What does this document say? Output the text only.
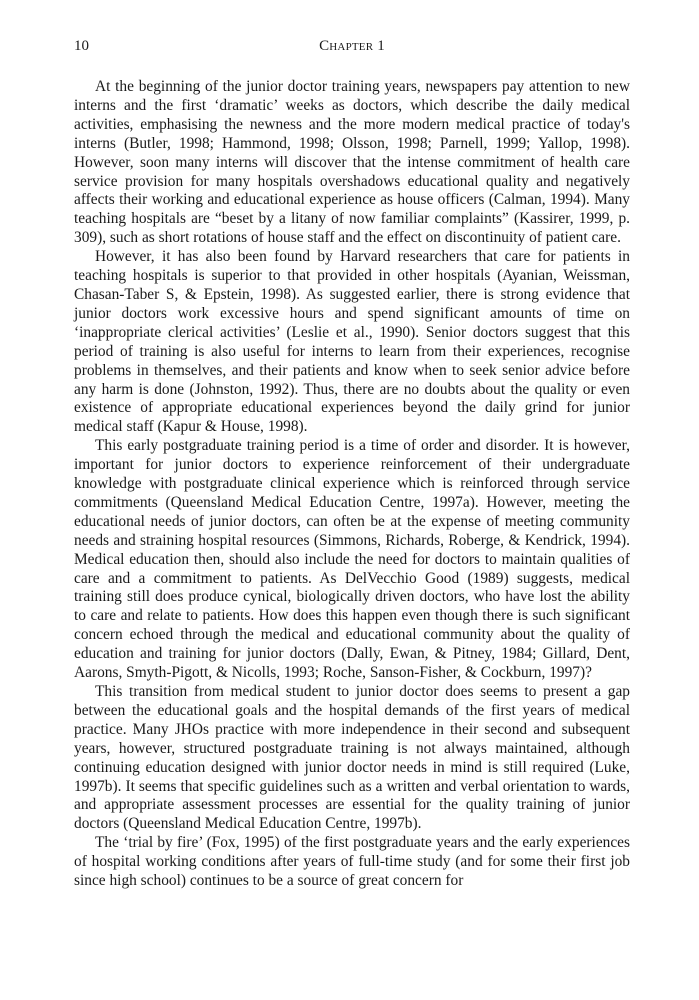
10	Chapter 1

At the beginning of the junior doctor training years, newspapers pay attention to new interns and the first ‘dramatic’ weeks as doctors, which describe the daily medical activities, emphasising the newness and the more modern medical practice of today's interns (Butler, 1998; Hammond, 1998; Olsson, 1998; Parnell, 1999; Yallop, 1998). However, soon many interns will discover that the intense commitment of health care service provision for many hospitals overshadows educational quality and negatively affects their working and educational experience as house officers (Calman, 1994). Many teaching hospitals are “beset by a litany of now familiar complaints” (Kassirer, 1999, p. 309), such as short rotations of house staff and the effect on discontinuity of patient care.

However, it has also been found by Harvard researchers that care for patients in teaching hospitals is superior to that provided in other hospitals (Ayanian, Weissman, Chasan-Taber S, & Epstein, 1998). As suggested earlier, there is strong evidence that junior doctors work excessive hours and spend significant amounts of time on ‘inappropriate clerical activities’ (Leslie et al., 1990). Senior doctors suggest that this period of training is also useful for interns to learn from their experiences, recognise problems in themselves, and their patients and know when to seek senior advice before any harm is done (Johnston, 1992). Thus, there are no doubts about the quality or even existence of appropriate educational experiences beyond the daily grind for junior medical staff (Kapur & House, 1998).

This early postgraduate training period is a time of order and disorder. It is however, important for junior doctors to experience reinforcement of their undergraduate knowledge with postgraduate clinical experience which is reinforced through service commitments (Queensland Medical Education Centre, 1997a). However, meeting the educational needs of junior doctors, can often be at the expense of meeting community needs and straining hospital resources (Simmons, Richards, Roberge, & Kendrick, 1994). Medical education then, should also include the need for doctors to maintain qualities of care and a commitment to patients. As DelVecchio Good (1989) suggests, medical training still does produce cynical, biologically driven doctors, who have lost the ability to care and relate to patients. How does this happen even though there is such significant concern echoed through the medical and educational community about the quality of education and training for junior doctors (Dally, Ewan, & Pitney, 1984; Gillard, Dent, Aarons, Smyth-Pigott, & Nicolls, 1993; Roche, Sanson-Fisher, & Cockburn, 1997)?

This transition from medical student to junior doctor does seems to present a gap between the educational goals and the hospital demands of the first years of medical practice. Many JHOs practice with more independence in their second and subsequent years, however, structured postgraduate training is not always maintained, although continuing education designed with junior doctor needs in mind is still required (Luke, 1997b). It seems that specific guidelines such as a written and verbal orientation to wards, and appropriate assessment processes are essential for the quality training of junior doctors (Queensland Medical Education Centre, 1997b).

The ‘trial by fire’ (Fox, 1995) of the first postgraduate years and the early experiences of hospital working conditions after years of full-time study (and for some their first job since high school) continues to be a source of great concern for
